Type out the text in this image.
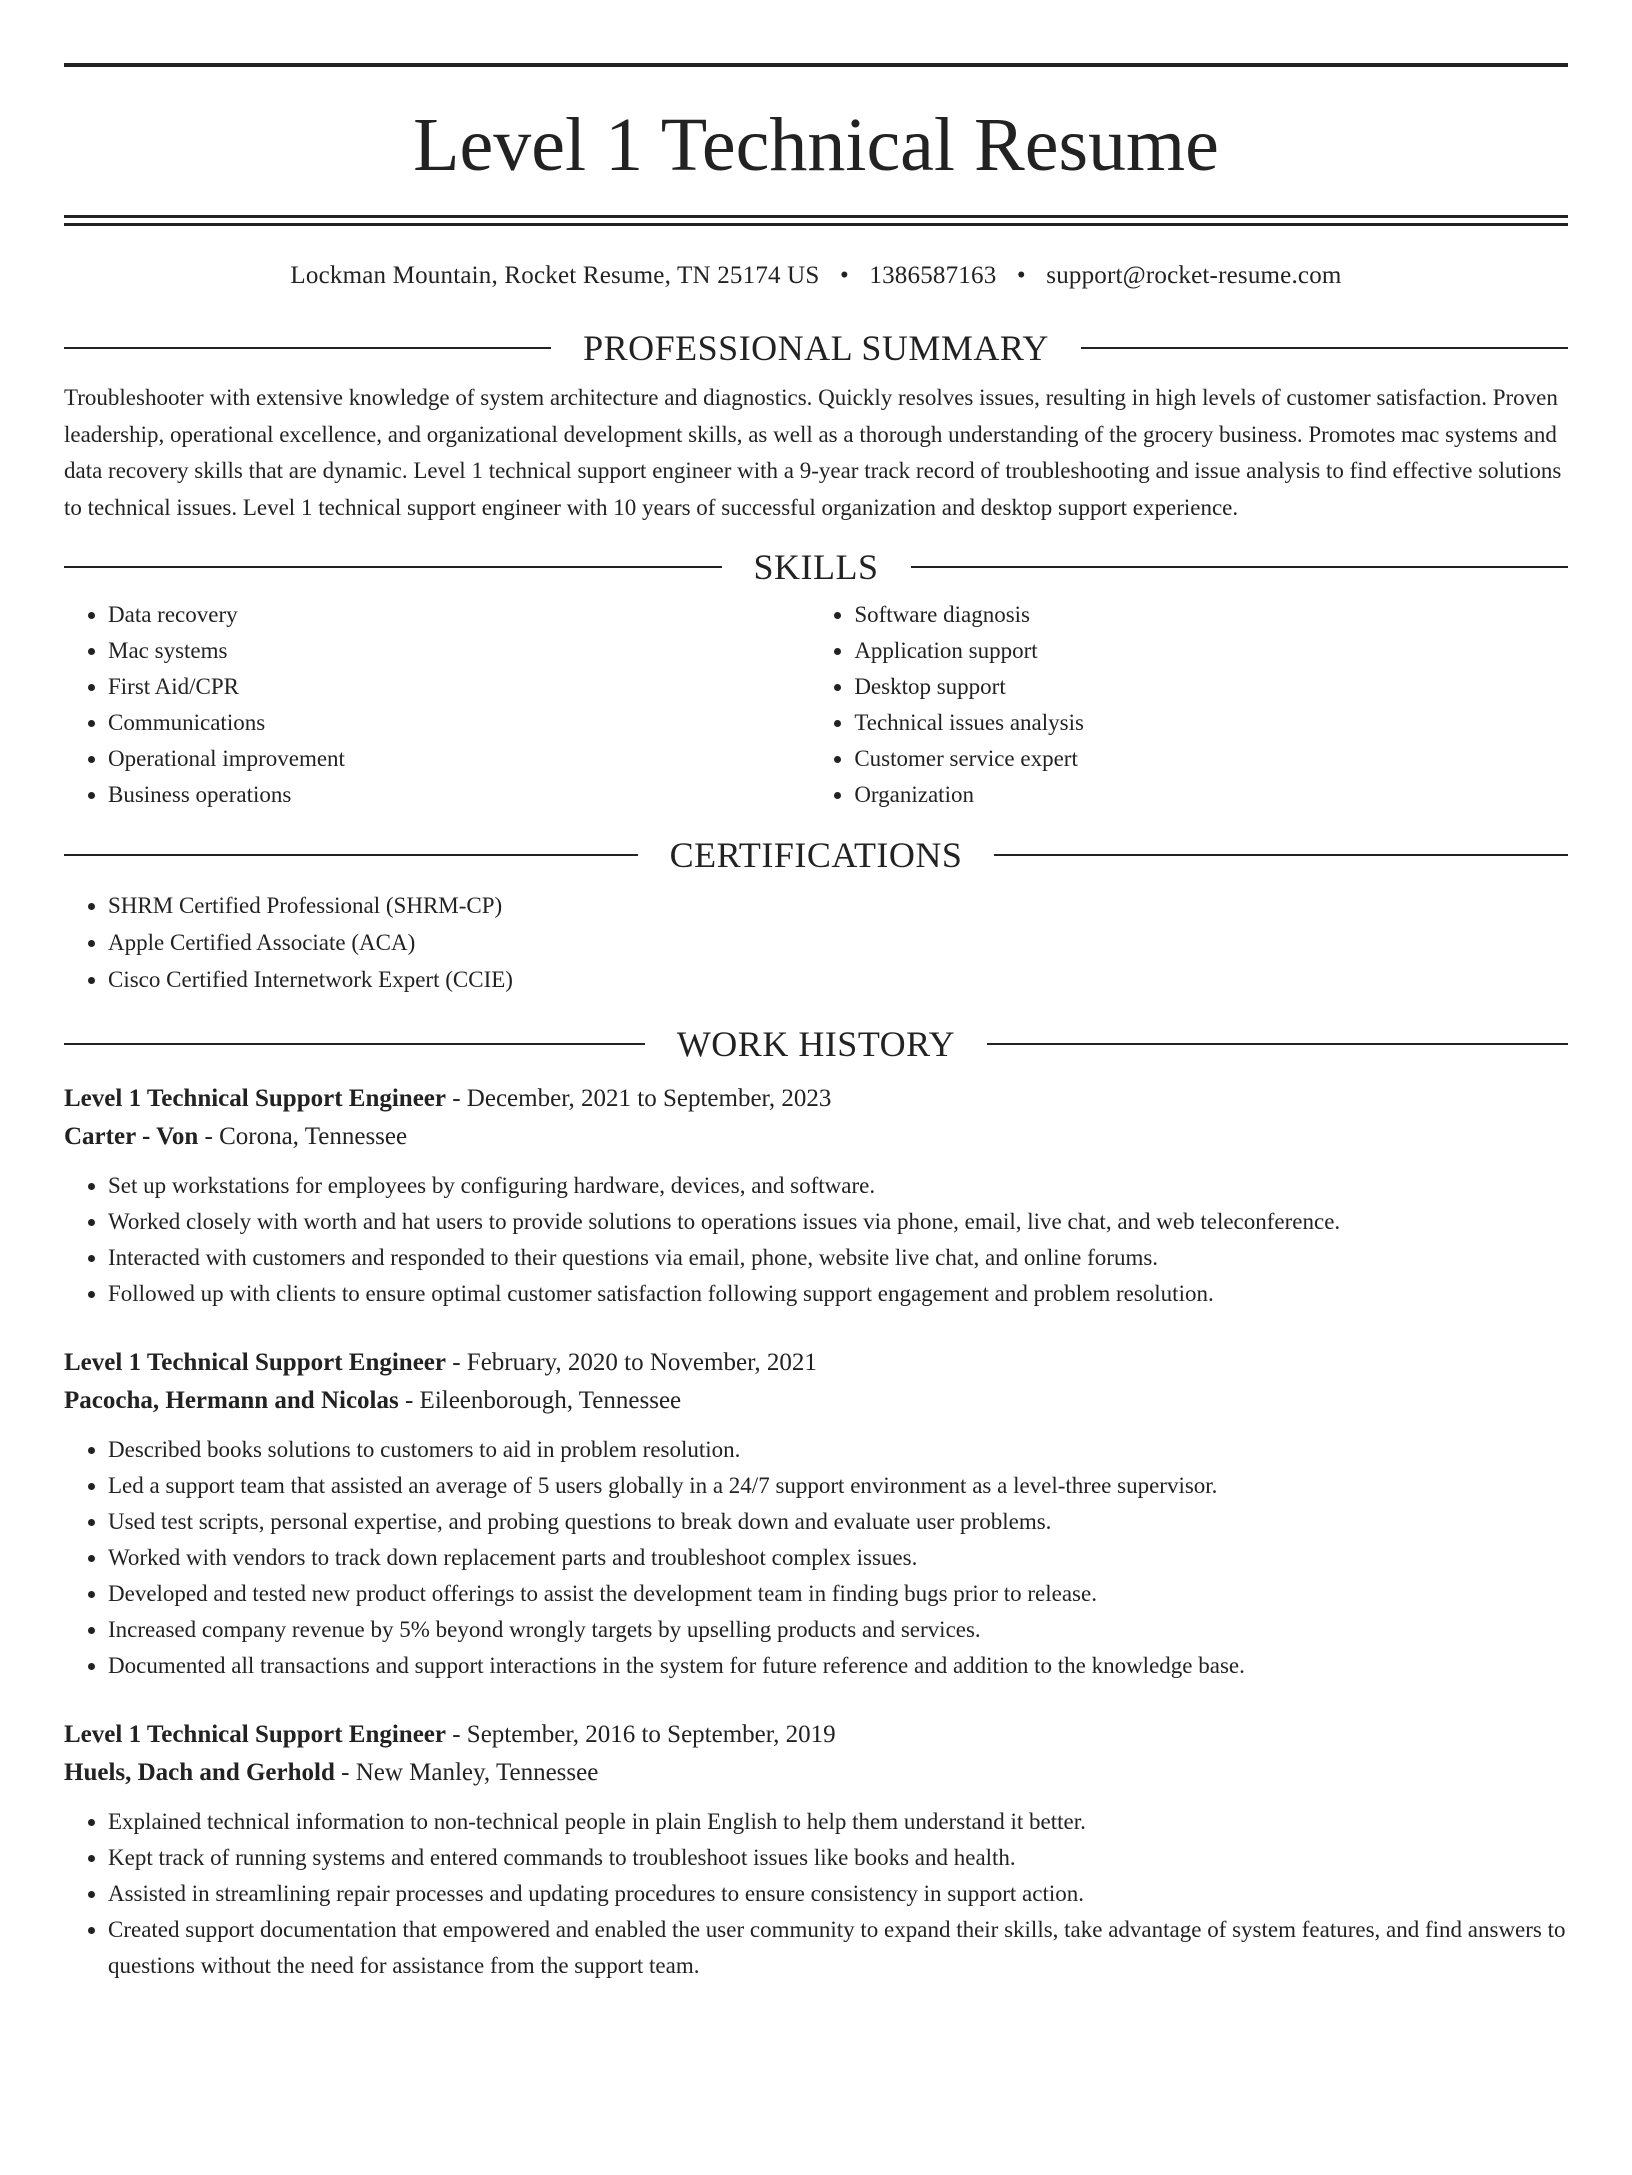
Level 1 Technical Resume
Lockman Mountain, Rocket Resume, TN 25174 US • 1386587163 • support@rocket-resume.com
PROFESSIONAL SUMMARY

Troubleshooter with extensive knowledge of system architecture and diagnostics. Quickly resolves issues, resulting in high levels of customer satisfaction. Proven leadership, operational excellence, and organizational development skills, as well as a thorough understanding of the grocery business. Promotes mac systems and data recovery skills that are dynamic. Level 1 technical support engineer with a 9-year track record of troubleshooting and issue analysis to find effective solutions to technical issues. Level 1 technical support engineer with 10 years of successful organization and desktop support experience.

SKILLS
• Data recovery
• Mac systems
• First Aid/CPR
• Communications
• Operational improvement
• Business operations
• Software diagnosis
• Application support
• Desktop support
• Technical issues analysis
• Customer service expert
• Organization
CERTIFICATIONS
• SHRM Certified Professional (SHRM-CP)
• Apple Certified Associate (ACA)
• Cisco Certified Internetwork Expert (CCIE)
WORK HISTORY
Level 1 Technical Support Engineer - December, 2021 to September, 2023
Carter - Von - Corona, Tennessee
• Set up workstations for employees by configuring hardware, devices, and software.
• Worked closely with worth and hat users to provide solutions to operations issues via phone, email, live chat, and web teleconference.
• Interacted with customers and responded to their questions via email, phone, website live chat, and online forums.
• Followed up with clients to ensure optimal customer satisfaction following support engagement and problem resolution.
Level 1 Technical Support Engineer - February, 2020 to November, 2021
Pacocha, Hermann and Nicolas - Eileenborough, Tennessee
• Described books solutions to customers to aid in problem resolution.
• Led a support team that assisted an average of 5 users globally in a 24/7 support environment as a level-three supervisor.
• Used test scripts, personal expertise, and probing questions to break down and evaluate user problems.
• Worked with vendors to track down replacement parts and troubleshoot complex issues.
• Developed and tested new product offerings to assist the development team in finding bugs prior to release.
• Increased company revenue by 5% beyond wrongly targets by upselling products and services.
• Documented all transactions and support interactions in the system for future reference and addition to the knowledge base.
Level 1 Technical Support Engineer - September, 2016 to September, 2019
Huels, Dach and Gerhold - New Manley, Tennessee
• Explained technical information to non-technical people in plain English to help them understand it better.
• Kept track of running systems and entered commands to troubleshoot issues like books and health.
• Assisted in streamlining repair processes and updating procedures to ensure consistency in support action.
• Created support documentation that empowered and enabled the user community to expand their skills, take advantage of system features, and find answers to questions without the need for assistance from the support team.
